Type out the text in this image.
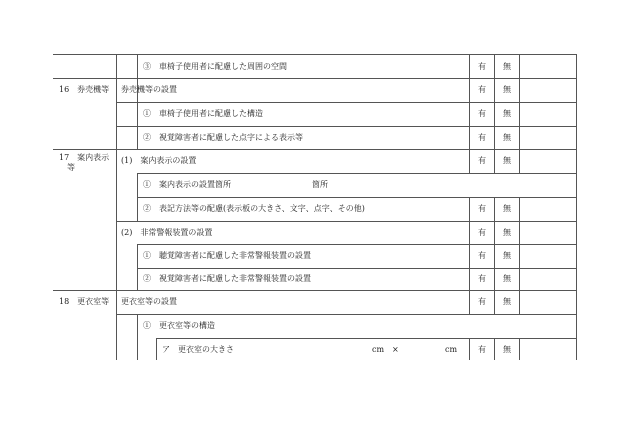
③　車椅子使用者に配慮した周囲の空間	有	無
16　券売機等 券売機等の設置	有	無
①　車椅子使用者に配慮した構造	有	無
②　視覚障害者に配慮した点字による表示等	有	無
17　案内表示
等
(1)　案内表示の設置	有	無
①　案内表示の設置箇所	箇所
②　表記方法等の配慮(表示板の大きさ、文字、点字、その他)	有	無
(2)　非常警報装置の設置	有	無
①　聴覚障害者に配慮した非常警報装置の設置	有	無
②　視覚障害者に配慮した非常警報装置の設置	有	無
18　更衣室等 更衣室等の設置	有	無
①　更衣室等の構造
ア　更衣室の大きさ	cm ×	cm	有	無
